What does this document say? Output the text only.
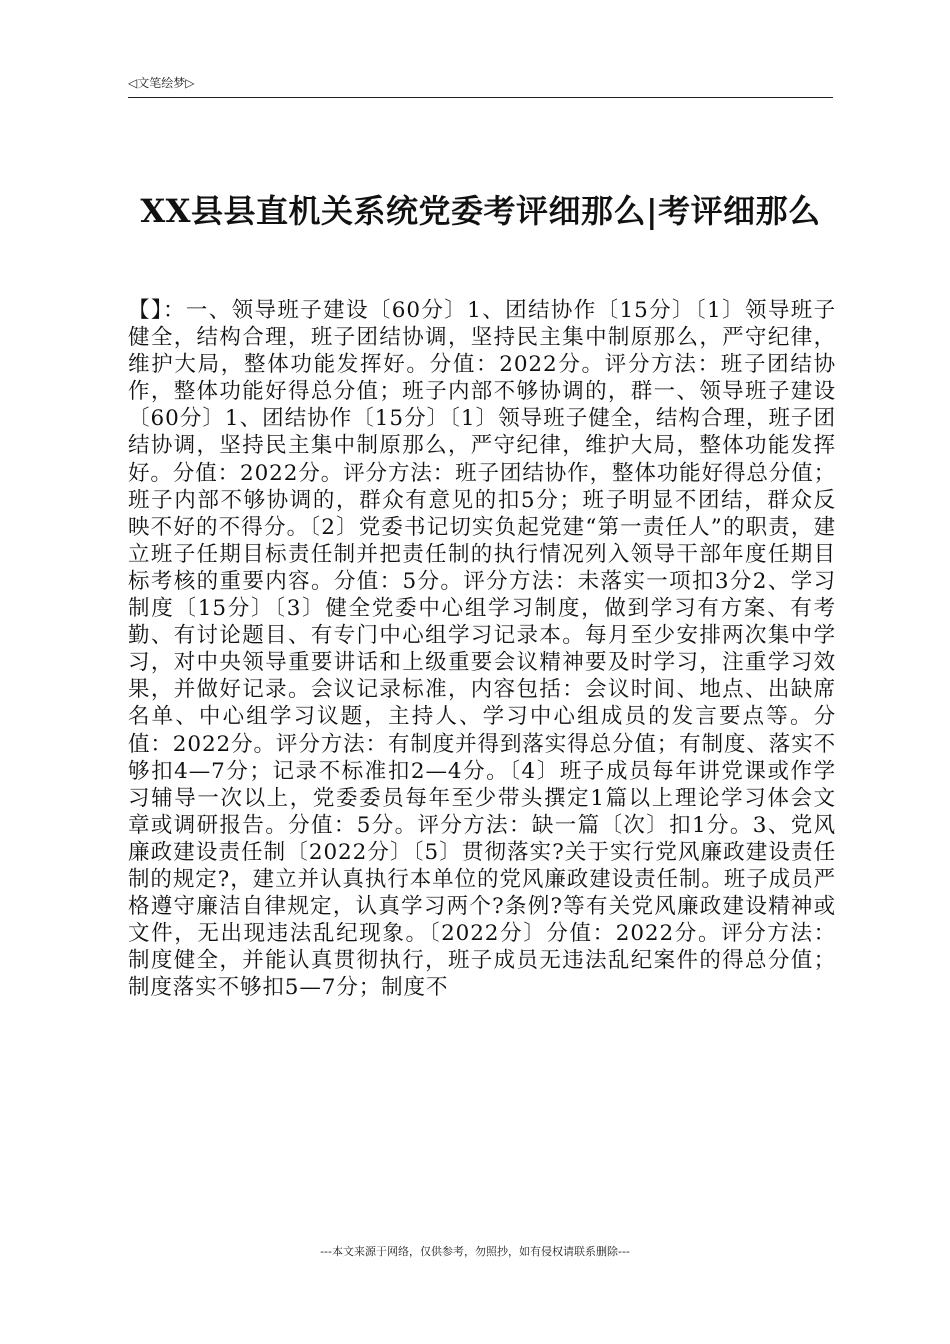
◁文笔绘梦▷
XX县县直机关系统党委考评细那么|考评细那么

【】：一、领导班子建设〔60分〕1、团结协作〔15分〕〔1〕领导班子健全，结构合理，班子团结协调，坚持民主集中制原那么，严守纪律，维护大局，整体功能发挥好。分值：2022分。评分方法：班子团结协作，整体功能好得总分值；班子内部不够协调的，群一、领导班子建设〔60分〕1、团结协作〔15分〕〔1〕领导班子健全，结构合理，班子团结协调，坚持民主集中制原那么，严守纪律，维护大局，整体功能发挥好。分值：2022分。评分方法：班子团结协作，整体功能好得总分值；班子内部不够协调的，群众有意见的扣5分；班子明显不团结，群众反映不好的不得分。〔2〕党委书记切实负起党建“第一责任人”的职责，建立班子任期目标责任制并把责任制的执行情况列入领导干部年度任期目标考核的重要内容。分值：5分。评分方法：未落实一项扣3分2、学习制度〔15分〕〔3〕健全党委中心组学习制度，做到学习有方案、有考勤、有讨论题目、有专门中心组学习记录本。每月至少安排两次集中学习，对中央领导重要讲话和上级重要会议精神要及时学习，注重学习效果，并做好记录。会议记录标准，内容包括：会议时间、地点、出缺席名单、中心组学习议题，主持人、学习中心组成员的发言要点等。分值：2022分。评分方法：有制度并得到落实得总分值；有制度、落实不够扣4—7分；记录不标准扣2—4分。〔4〕班子成员每年讲党课或作学习辅导一次以上，党委委员每年至少带头撰定1篇以上理论学习体会文章或调研报告。分值：5分。评分方法：缺一篇〔次〕扣1分。3、党风廉政建设责任制〔2022分〕〔5〕贯彻落实?关于实行党风廉政建设责任制的规定?，建立并认真执行本单位的党风廉政建设责任制。班子成员严格遵守廉洁自律规定，认真学习两个?条例?等有关党风廉政建设精神或文件，无出现违法乱纪现象。〔2022分〕分值：2022分。评分方法：制度健全，并能认真贯彻执行，班子成员无违法乱纪案件的得总分值；制度落实不够扣5—7分；制度不

---本文来源于网络，仅供参考，勿照抄，如有侵权请联系删除---
